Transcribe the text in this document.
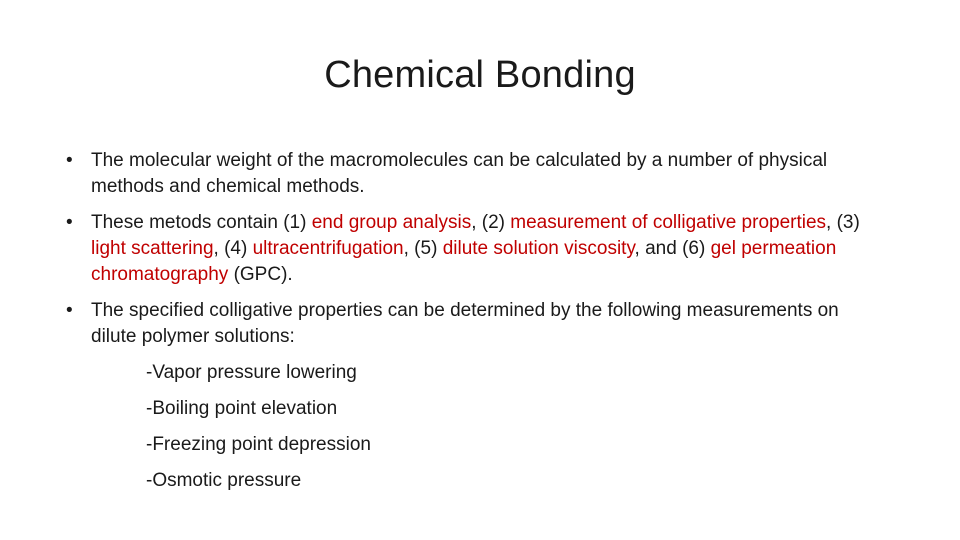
Chemical Bonding
• The molecular weight of the macromolecules can be calculated by a number of physical methods and chemical methods.
• These metods contain (1) end group analysis, (2) measurement of colligative properties, (3) light scattering, (4) ultracentrifugation, (5) dilute solution viscosity, and (6) gel permeation chromatography (GPC).
• The specified colligative properties can be determined by the following measurements on dilute polymer solutions:
-Vapor pressure lowering
-Boiling point elevation
-Freezing point depression
-Osmotic pressure
